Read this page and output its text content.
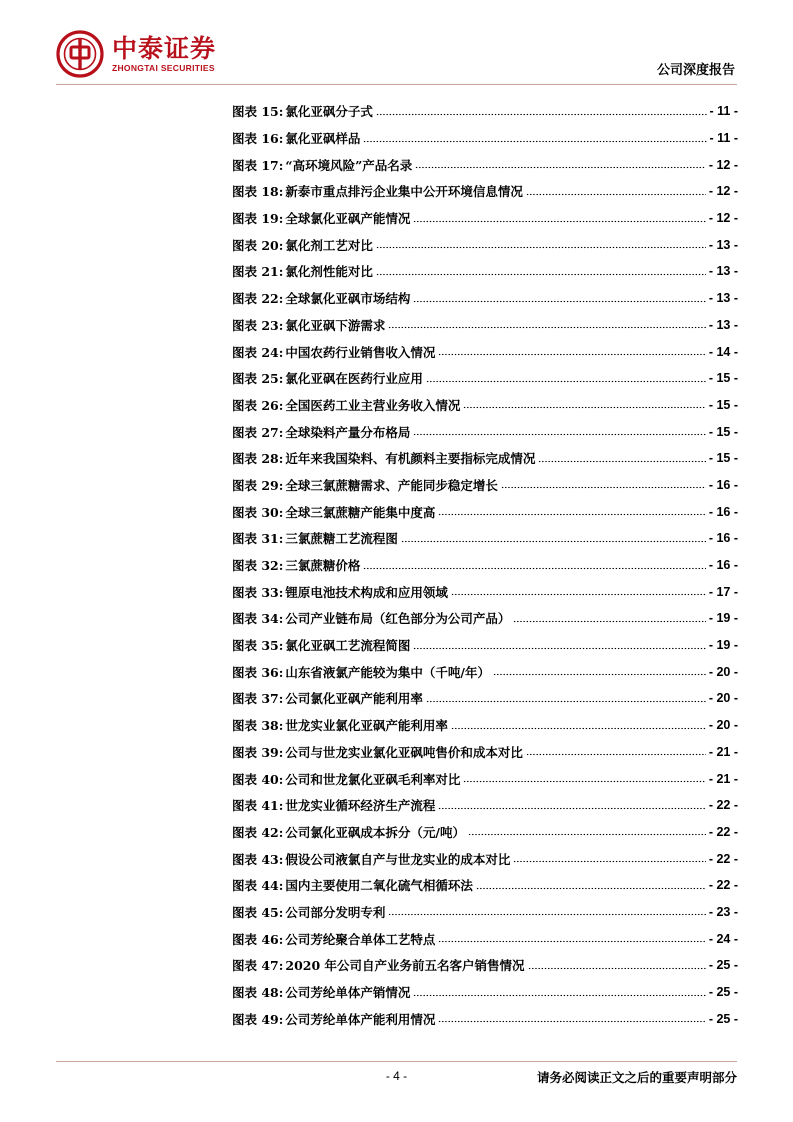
中泰证券
ZHONGTAI SECURITIES	公司深度报告
图表 15: 氯化亚砜分子式	- 11 -
图表 16: 氯化亚砜样品	- 11 -
图表 17: “高环境风险”产品名录	- 12 -
图表 18: 新泰市重点排污企业集中公开环境信息情况	- 12 -
图表 19: 全球氯化亚砜产能情况	- 12 -
图表 20: 氯化剂工艺对比	- 13 -
图表 21: 氯化剂性能对比	- 13 -
图表 22: 全球氯化亚砜市场结构	- 13 -
图表 23: 氯化亚砜下游需求	- 13 -
图表 24: 中国农药行业销售收入情况	- 14 -
图表 25: 氯化亚砜在医药行业应用	- 15 -
图表 26: 全国医药工业主营业务收入情况	- 15 -
图表 27: 全球染料产量分布格局	- 15 -
图表 28: 近年来我国染料、有机颜料主要指标完成情况	- 15 -
图表 29: 全球三氯蔗糖需求、产能同步稳定增长	- 16 -
图表 30: 全球三氯蔗糖产能集中度高	- 16 -
图表 31: 三氯蔗糖工艺流程图	- 16 -
图表 32: 三氯蔗糖价格	- 16 -
图表 33: 锂原电池技术构成和应用领域	- 17 -
图表 34: 公司产业链布局（红色部分为公司产品）	- 19 -
图表 35: 氯化亚砜工艺流程简图	- 19 -
图表 36: 山东省液氯产能较为集中（千吨/年）	- 20 -
图表 37: 公司氯化亚砜产能利用率	- 20 -
图表 38: 世龙实业氯化亚砜产能利用率	- 20 -
图表 39: 公司与世龙实业氯化亚砜吨售价和成本对比	- 21 -
图表 40: 公司和世龙氯化亚砜毛利率对比	- 21 -
图表 41: 世龙实业循环经济生产流程	- 22 -
图表 42: 公司氯化亚砜成本拆分（元/吨）	- 22 -
图表 43: 假设公司液氯自产与世龙实业的成本对比	- 22 -
图表 44: 国内主要使用二氧化硫气相循环法	- 22 -
图表 45: 公司部分发明专利	- 23 -
图表 46: 公司芳纶聚合单体工艺特点	- 24 -
图表 47: 2020 年公司自产业务前五名客户销售情况	- 25 -
图表 48: 公司芳纶单体产销情况	- 25 -
图表 49: 公司芳纶单体产能利用情况	- 25 -
- 4 -	请务必阅读正文之后的重要声明部分
